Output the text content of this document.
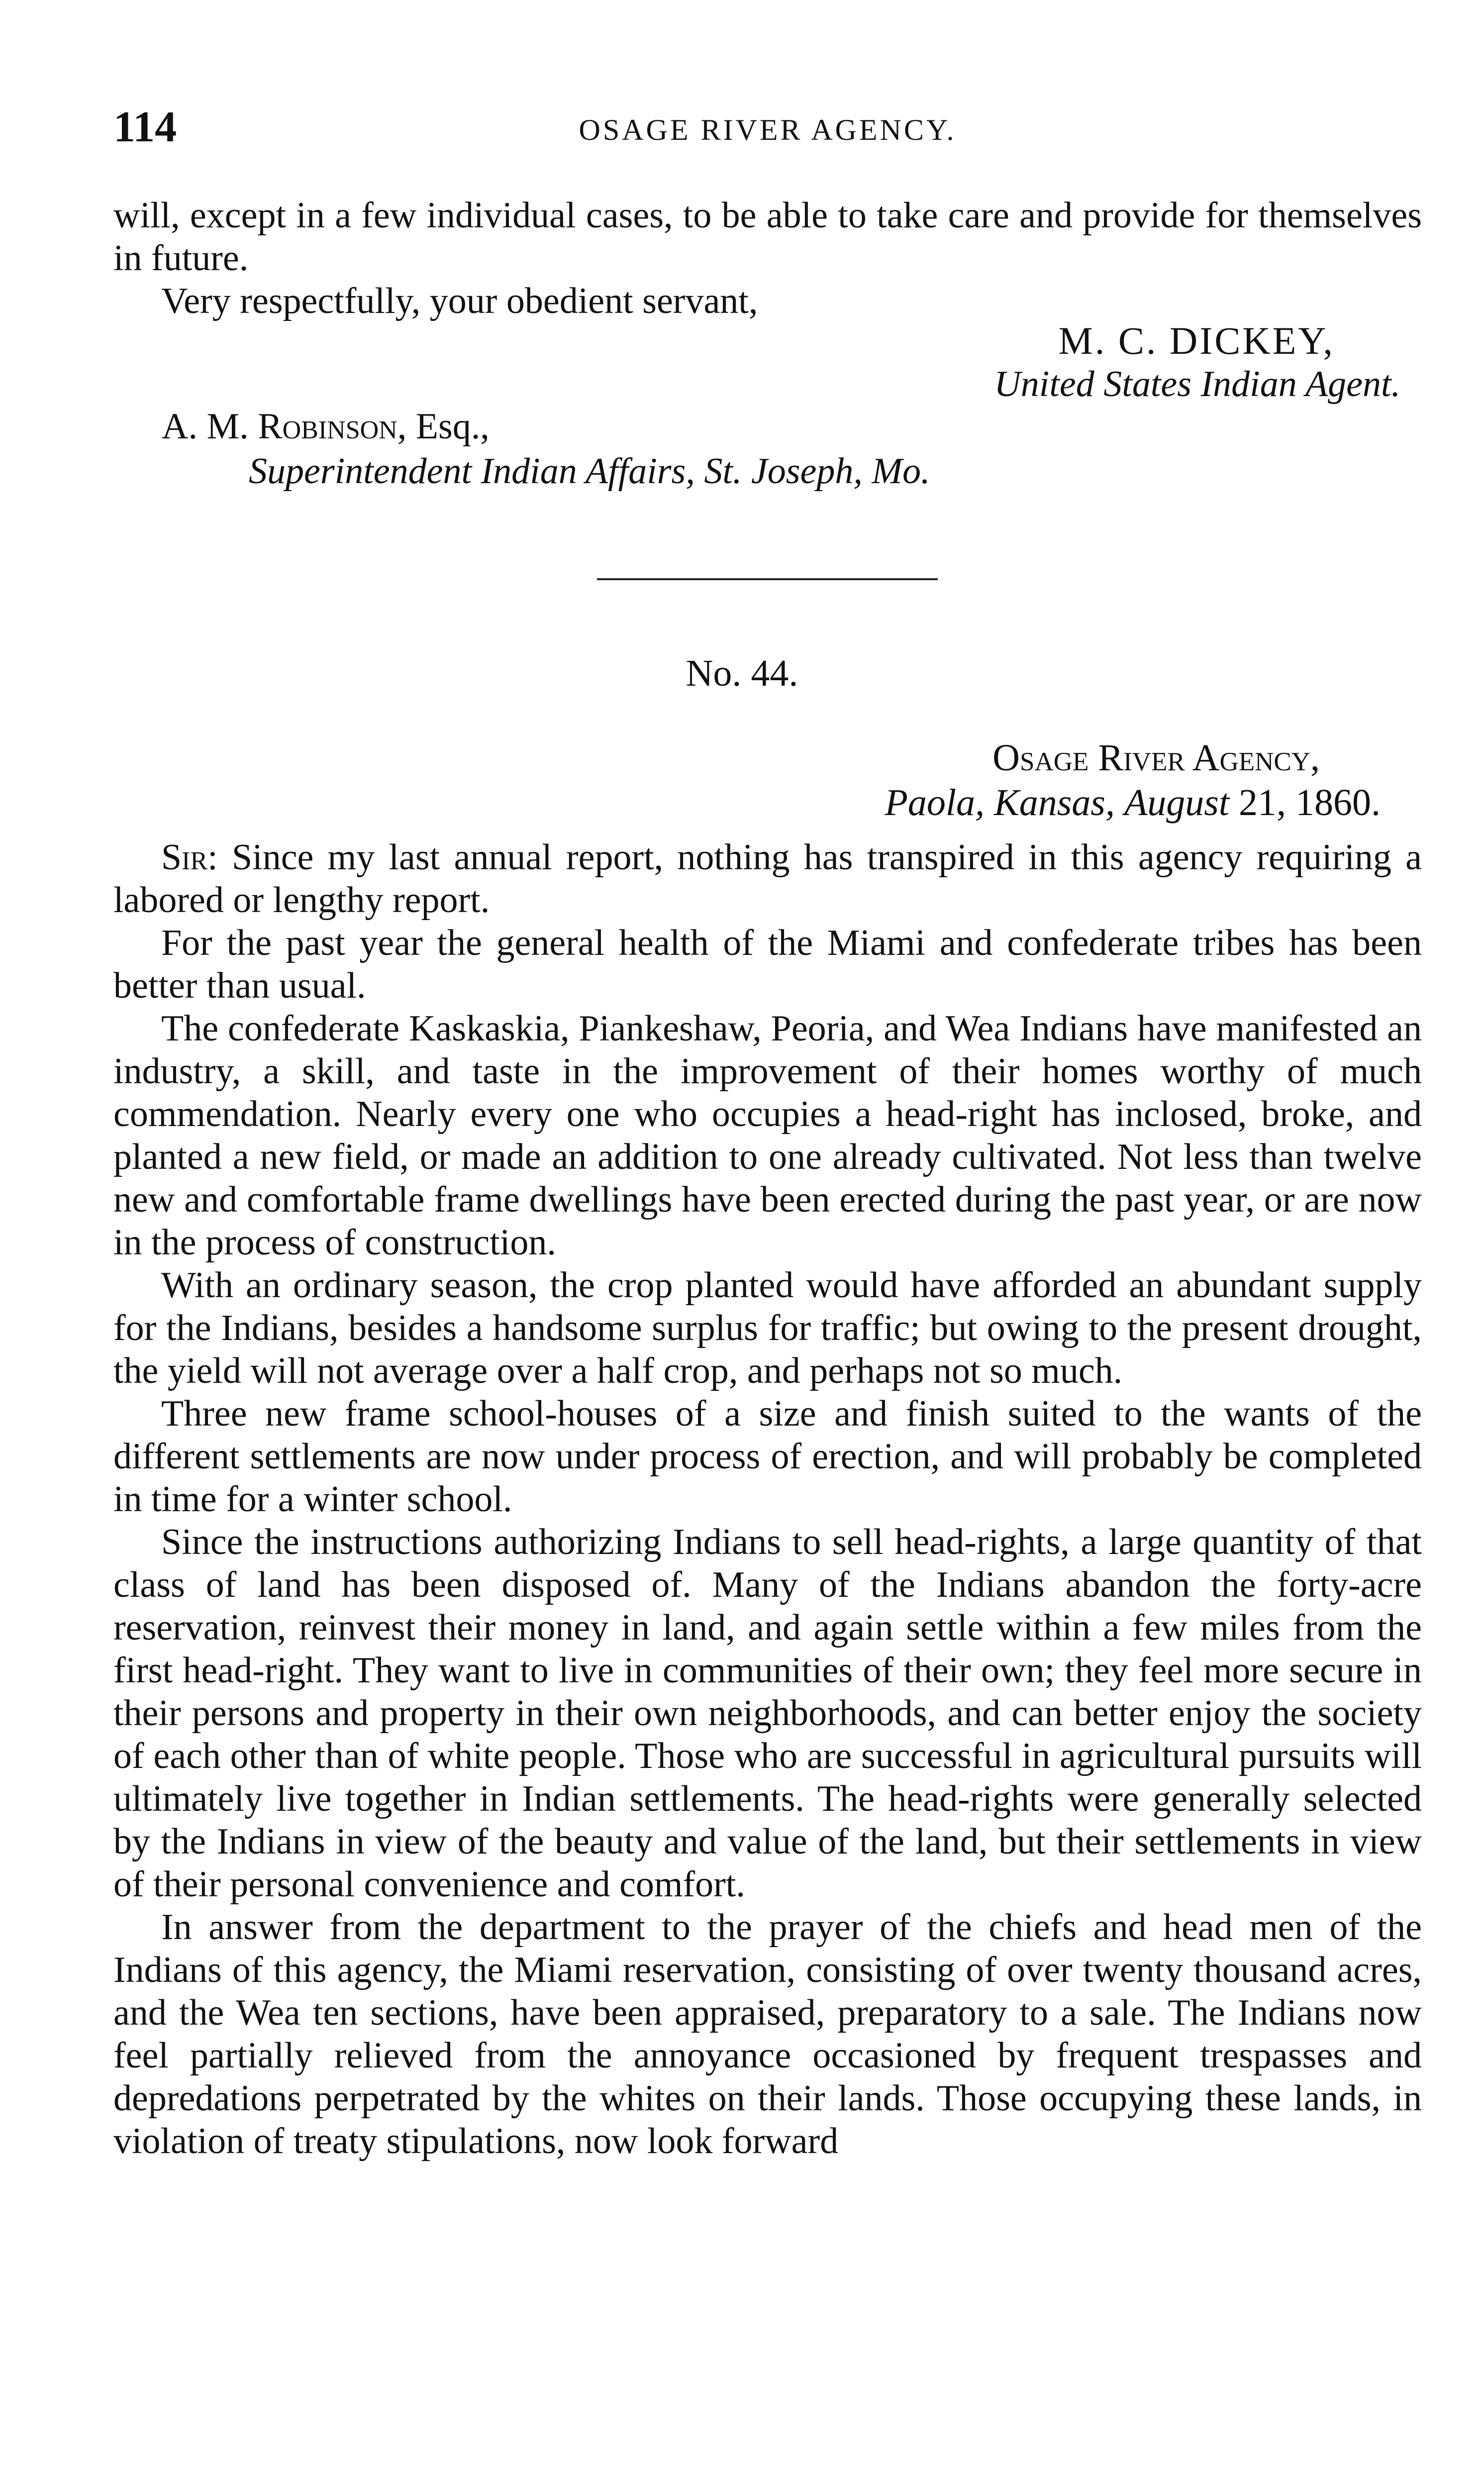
114	OSAGE RIVER AGENCY.

will, except in a few individual cases, to be able to take care and provide for themselves in future.

Very respectfully, your obedient servant,

M. C. DICKEY,
United States Indian Agent.
A. M. Robinson, Esq.,
Superintendent Indian Affairs, St. Joseph, Mo.
No. 44.
Osage River Agency,
Paola, Kansas, August 21, 1860.

Sir: Since my last annual report, nothing has transpired in this agency requiring a labored or lengthy report.

For the past year the general health of the Miami and confederate tribes has been better than usual.

The confederate Kaskaskia, Piankeshaw, Peoria, and Wea Indians have manifested an industry, a skill, and taste in the improvement of their homes worthy of much commendation. Nearly every one who occupies a head-right has inclosed, broke, and planted a new field, or made an addition to one already cultivated. Not less than twelve new and comfortable frame dwellings have been erected during the past year, or are now in the process of construction.

With an ordinary season, the crop planted would have afforded an abundant supply for the Indians, besides a handsome surplus for traffic; but owing to the present drought, the yield will not average over a half crop, and perhaps not so much.

Three new frame school-houses of a size and finish suited to the wants of the different settlements are now under process of erection, and will probably be completed in time for a winter school.

Since the instructions authorizing Indians to sell head-rights, a large quantity of that class of land has been disposed of. Many of the Indians abandon the forty-acre reservation, reinvest their money in land, and again settle within a few miles from the first head-right. They want to live in communities of their own; they feel more secure in their persons and property in their own neighborhoods, and can better enjoy the society of each other than of white people. Those who are successful in agricultural pursuits will ultimately live together in Indian settlements. The head-rights were generally selected by the Indians in view of the beauty and value of the land, but their settlements in view of their personal convenience and comfort.

In answer from the department to the prayer of the chiefs and head men of the Indians of this agency, the Miami reservation, consisting of over twenty thousand acres, and the Wea ten sections, have been appraised, preparatory to a sale. The Indians now feel partially relieved from the annoyance occasioned by frequent trespasses and depredations perpetrated by the whites on their lands. Those occupying these lands, in violation of treaty stipulations, now look forward
